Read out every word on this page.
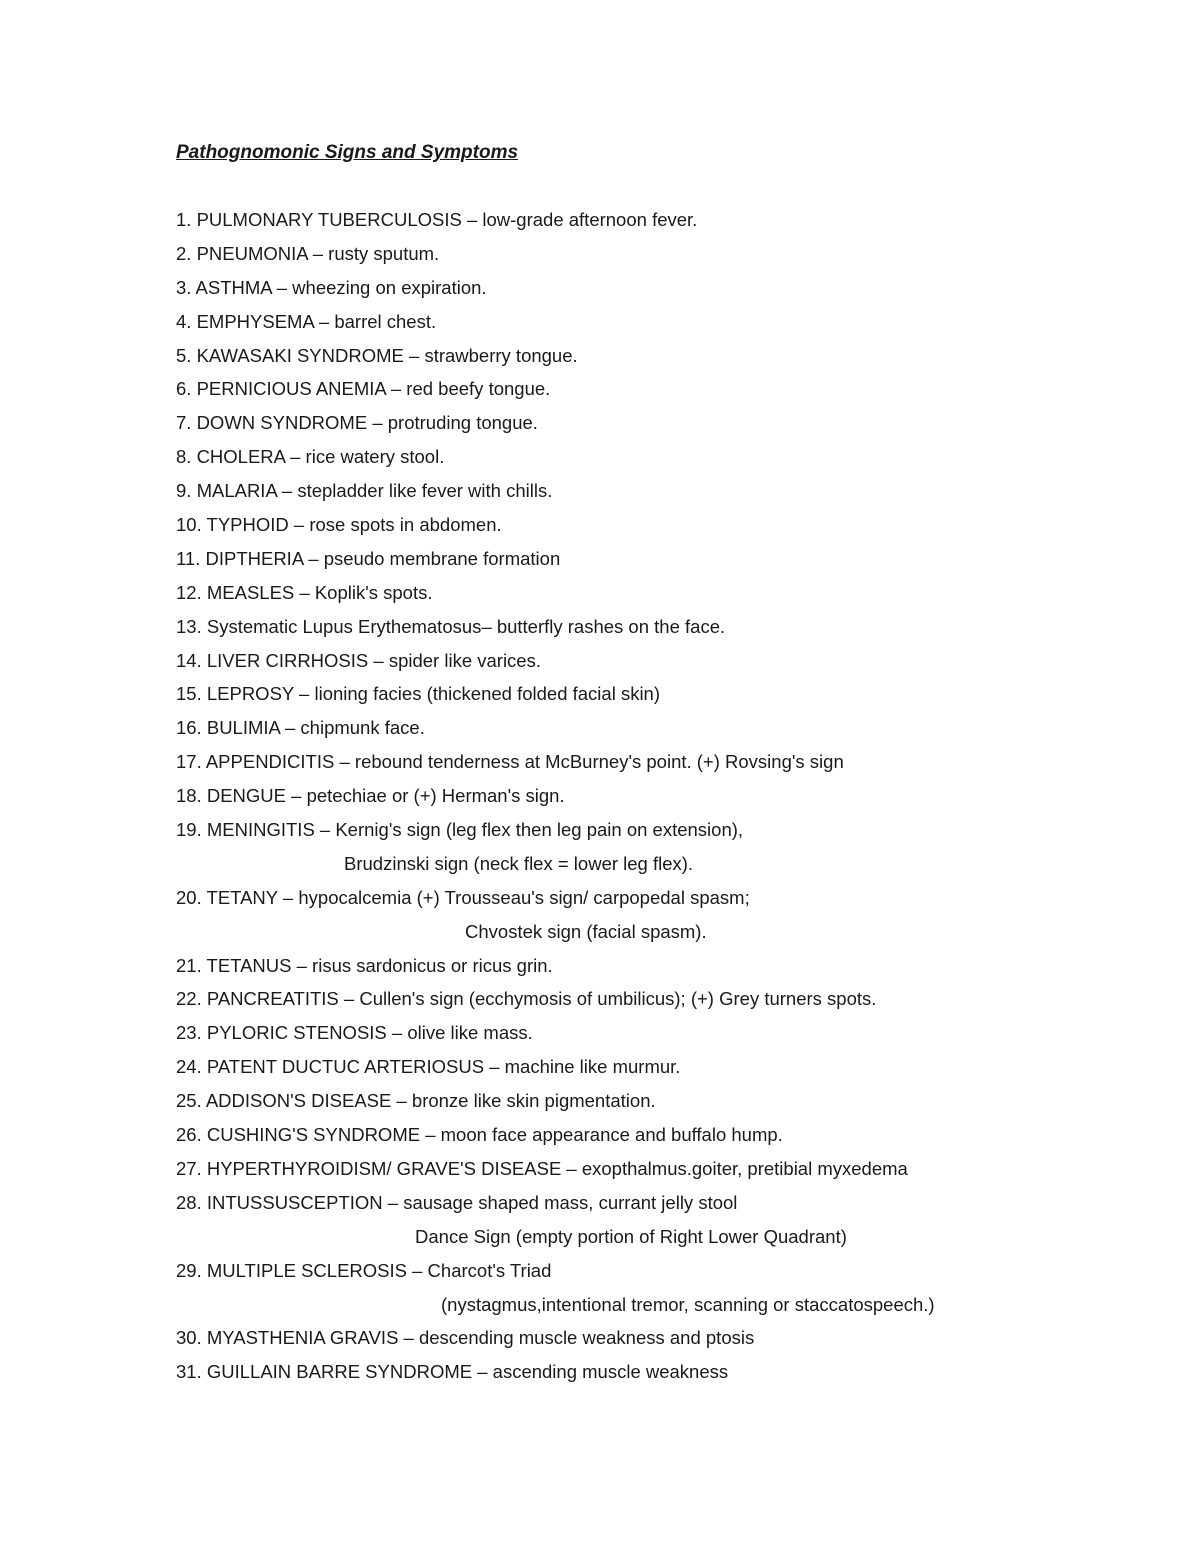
Pathognomonic Signs and Symptoms
1. PULMONARY TUBERCULOSIS – low-grade afternoon fever.
2. PNEUMONIA – rusty sputum.
3. ASTHMA – wheezing on expiration.
4. EMPHYSEMA – barrel chest.
5. KAWASAKI SYNDROME – strawberry tongue.
6. PERNICIOUS ANEMIA – red beefy tongue.
7. DOWN SYNDROME – protruding tongue.
8. CHOLERA – rice watery stool.
9. MALARIA – stepladder like fever with chills.
10. TYPHOID – rose spots in abdomen.
11. DIPTHERIA – pseudo membrane formation
12. MEASLES – Koplik's spots.
13. Systematic Lupus Erythematosus– butterfly rashes on the face.
14. LIVER CIRRHOSIS – spider like varices.
15. LEPROSY – lioning facies (thickened folded facial skin)
16. BULIMIA – chipmunk face.
17. APPENDICITIS – rebound tenderness at McBurney's point. (+) Rovsing's sign
18. DENGUE – petechiae or (+) Herman's sign.
19. MENINGITIS – Kernig's sign (leg flex then leg pain on extension),
Brudzinski sign (neck flex = lower leg flex).
20. TETANY – hypocalcemia (+) Trousseau's sign/ carpopedal spasm;
Chvostek sign (facial spasm).
21. TETANUS – risus sardonicus or ricus grin.
22. PANCREATITIS – Cullen's sign (ecchymosis of umbilicus); (+) Grey turners spots.
23. PYLORIC STENOSIS – olive like mass.
24. PATENT DUCTUC ARTERIOSUS – machine like murmur.
25. ADDISON'S DISEASE – bronze like skin pigmentation.
26. CUSHING'S SYNDROME – moon face appearance and buffalo hump.
27. HYPERTHYROIDISM/ GRAVE'S DISEASE – exopthalmus.goiter, pretibial myxedema
28. INTUSSUSCEPTION – sausage shaped mass, currant jelly stool
Dance Sign (empty portion of Right Lower Quadrant)
29. MULTIPLE SCLEROSIS – Charcot's Triad
(nystagmus,intentional tremor, scanning or staccatospeech.)
30. MYASTHENIA GRAVIS – descending muscle weakness and ptosis
31. GUILLAIN BARRE SYNDROME – ascending muscle weakness
